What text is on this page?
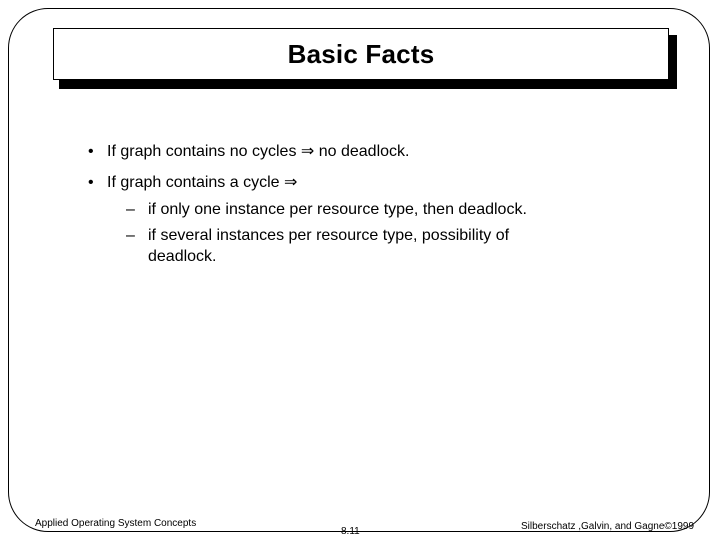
Basic Facts
• If graph contains no cycles ⇒ no deadlock.
• If graph contains a cycle ⇒
– if only one instance per resource type, then deadlock.
– if several instances per resource type, possibility of
deadlock.
Applied Operating System Concepts
8.11	Silberschatz ,Galvin, and Gagne©1999
